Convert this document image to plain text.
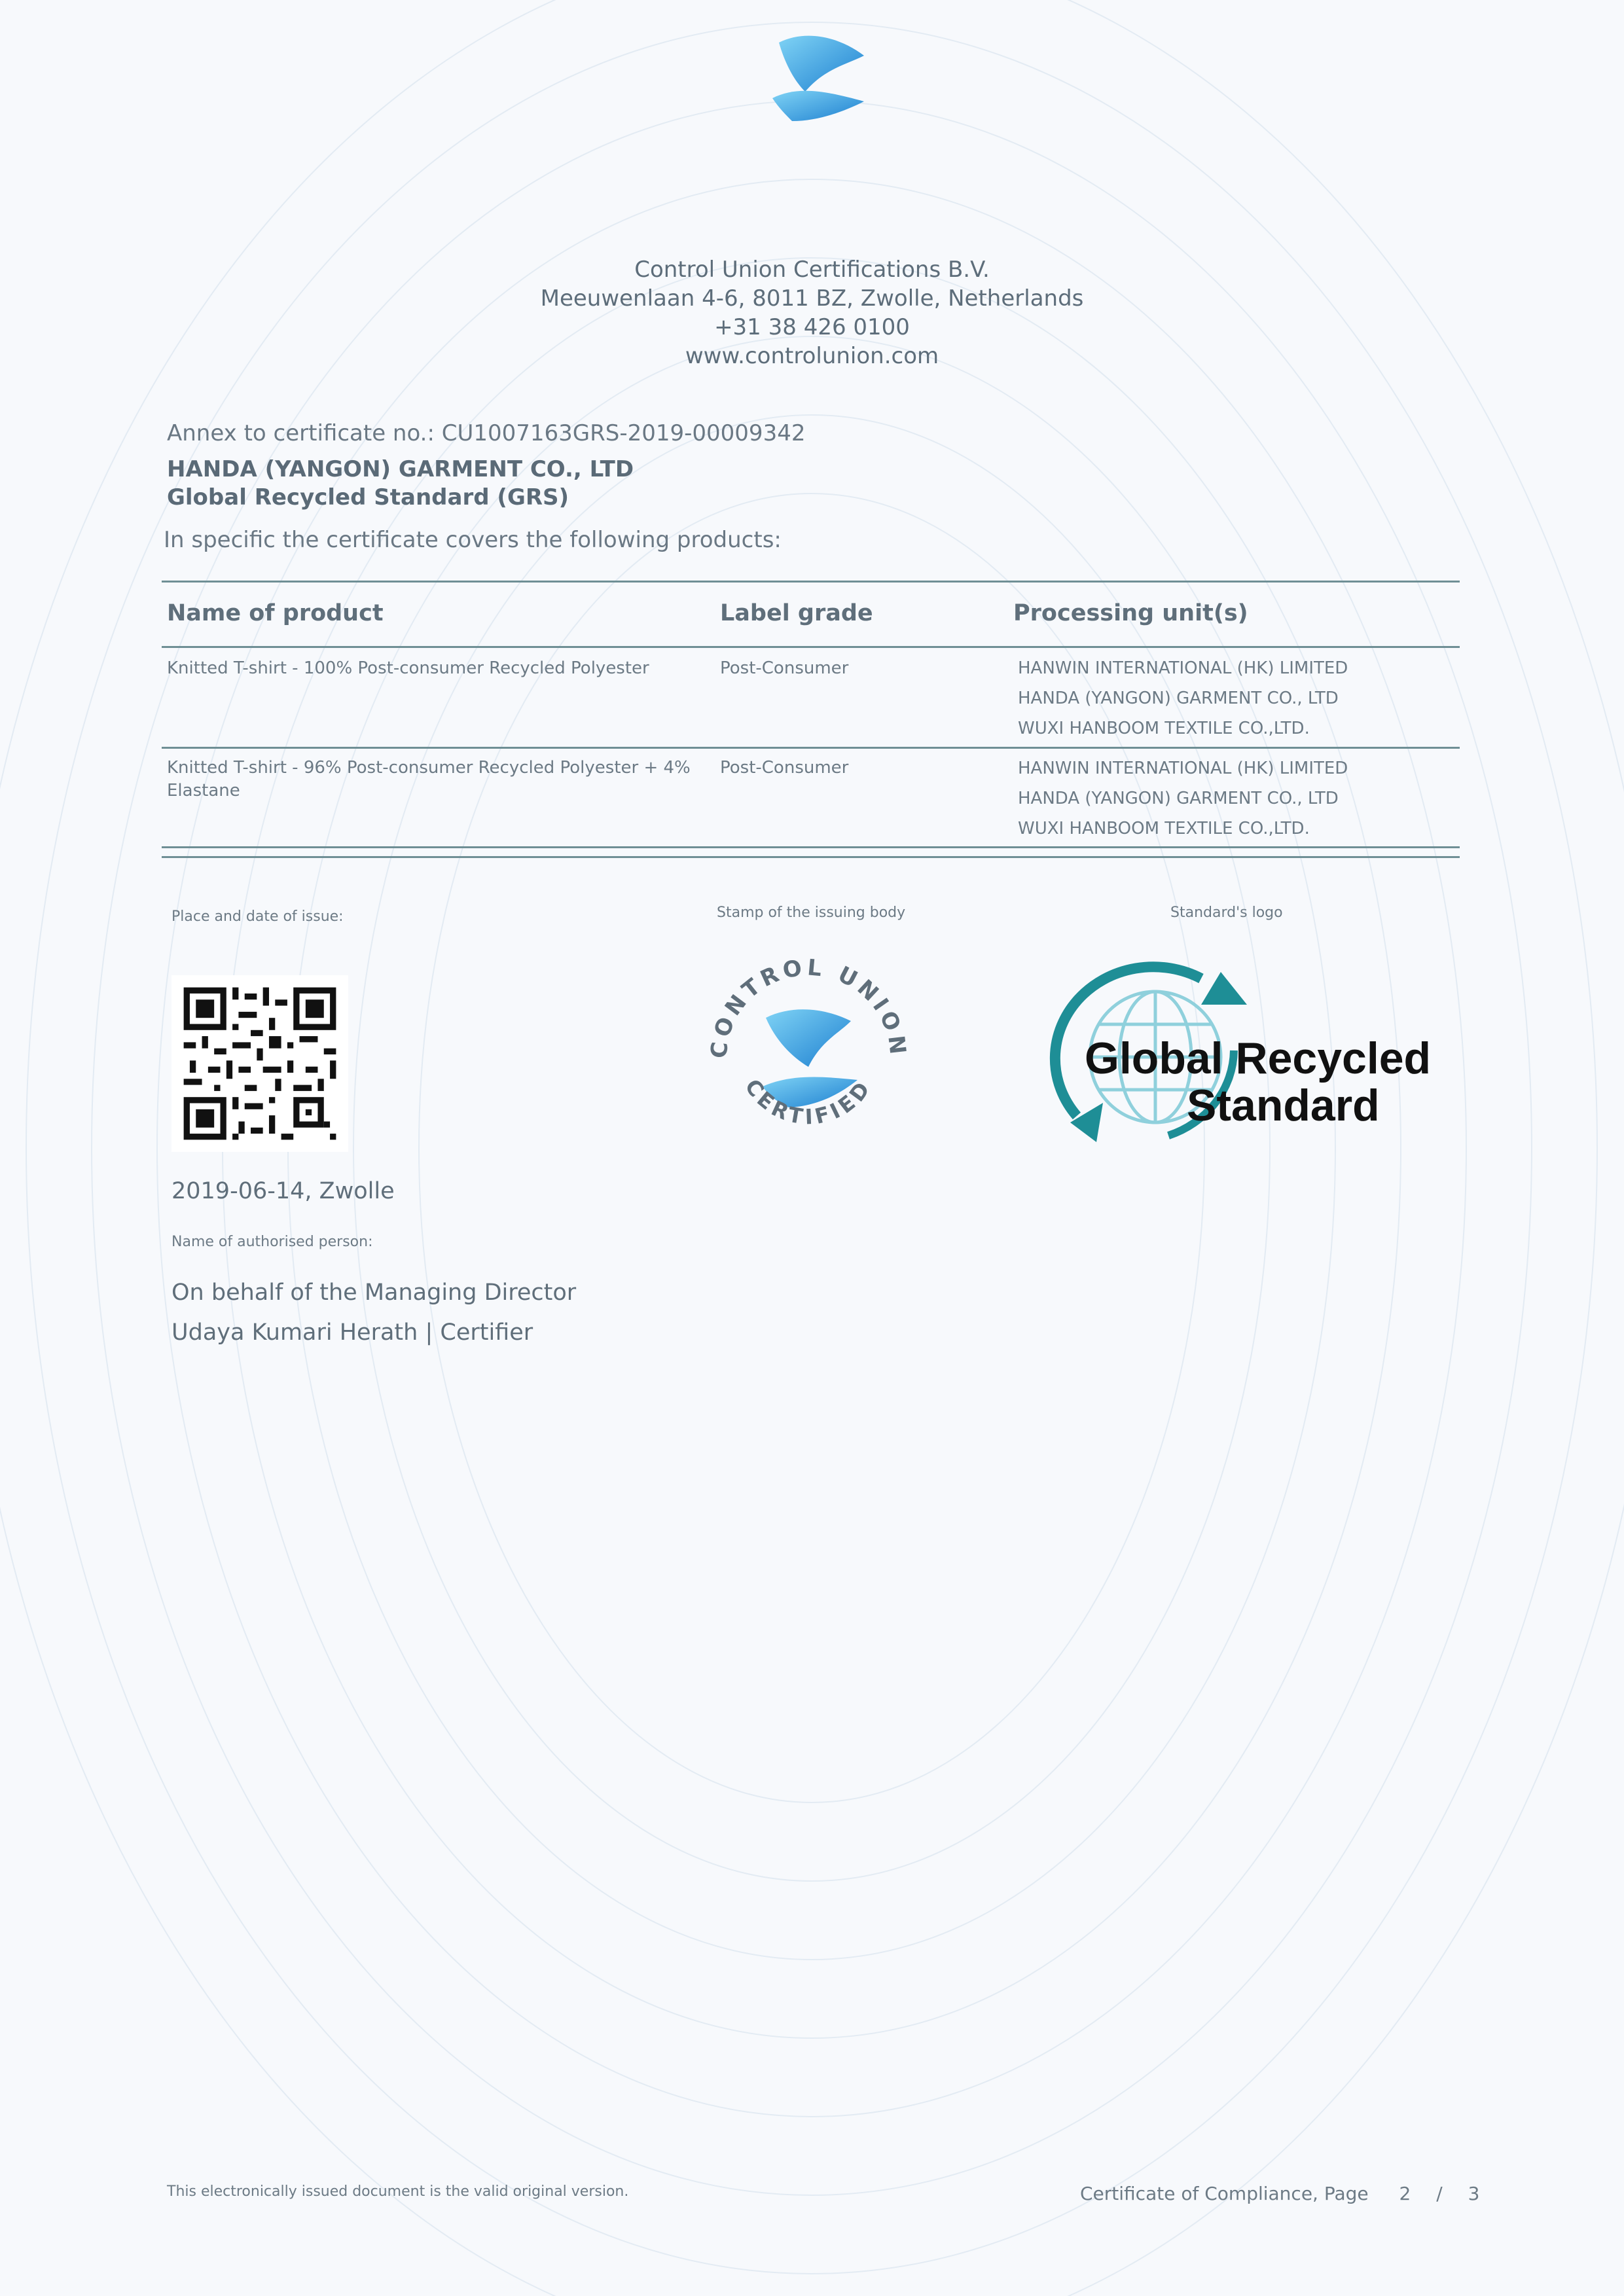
Control Union Certifications B.V.
Meeuwenlaan 4-6, 8011 BZ, Zwolle, Netherlands
+31 38 426 0100
www.controlunion.com
Annex to certificate no.: CU1007163GRS-2019-00009342
HANDA (YANGON) GARMENT CO., LTD
Global Recycled Standard (GRS)
In specific the certificate covers the following products:
Name of product	Label grade	Processing unit(s)
Knitted T-shirt - 100% Post-consumer Recycled Polyester	Post-Consumer	HANWIN INTERNATIONAL (HK) LIMITED
HANDA (YANGON) GARMENT CO., LTD
WUXI HANBOOM TEXTILE CO.,LTD.
Knitted T-shirt - 96% Post-consumer Recycled Polyester + 4%
Elastane
Post-Consumer	HANWIN INTERNATIONAL (HK) LIMITED
HANDA (YANGON) GARMENT CO., LTD
WUXI HANBOOM TEXTILE CO.,LTD.
Place and date of issue:	Stamp of the issuing body	Standard's logo
CONTROL UNION
CERTIFIED
Global Recycled
Standard
2019-06-14, Zwolle
Name of authorised person:
On behalf of the Managing Director
Udaya Kumari Herath | Certifier
This electronically issued document is the valid original version.	Certificate of Compliance, Page 2 / 3
